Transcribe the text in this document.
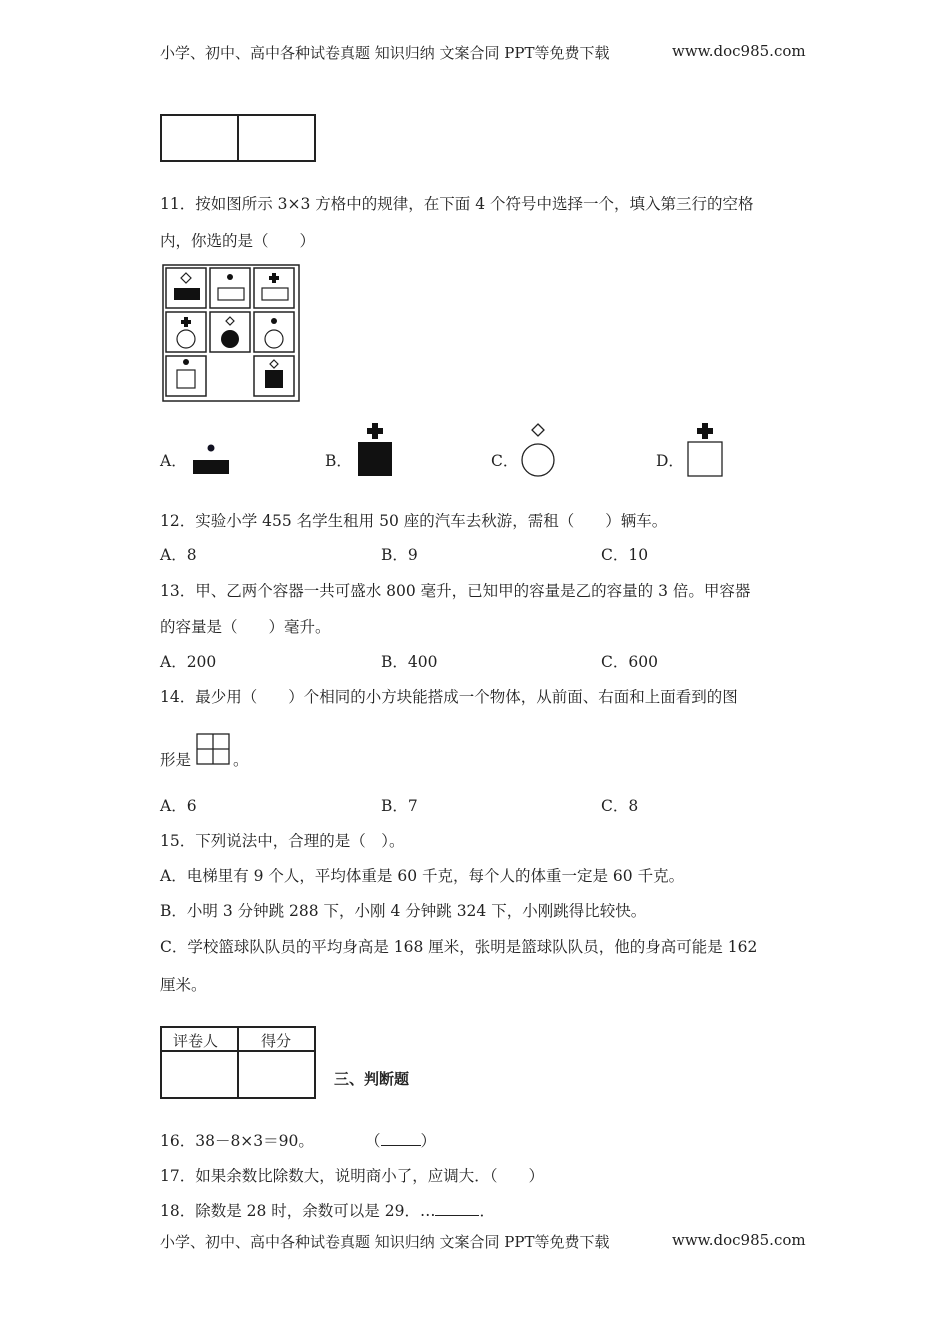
小学、初中、高中各种试卷真题 知识归纳 文案合同 PPT等免费下载	www.doc985.com
11．按如图所示 3×3 方格中的规律，在下面 4 个符号中选择一个，填入第三行的空格
内，你选的是（　　）
A．	B．	C．	D．
12．实验小学 455 名学生租用 50 座的汽车去秋游，需租（　　）辆车。
A．8	B．9	C．10
13．甲、乙两个容器一共可盛水 800 毫升，已知甲的容量是乙的容量的 3 倍。甲容器
的容量是（　　）毫升。
A．200	B．400	C．600
14．最少用（　　）个相同的小方块能搭成一个物体，从前面、右面和上面看到的图
形是	。
A．6	B．7	C．8
15．下列说法中，合理的是（　）。
A．电梯里有 9 个人，平均体重是 60 千克，每个人的体重一定是 60 千克。
B．小明 3 分钟跳 288 下，小刚 4 分钟跳 324 下，小刚跳得比较快。
C．学校篮球队队员的平均身高是 168 厘米，张明是篮球队队员，他的身高可能是 162
厘米。
评卷人	得分
三、判断题
16．38－8×3＝90。	（	）
17．如果余数比除数大，说明商小了，应调大．（　　）
18．除数是 28 时，余数可以是 29．…	．
小学、初中、高中各种试卷真题 知识归纳 文案合同 PPT等免费下载	www.doc985.com
